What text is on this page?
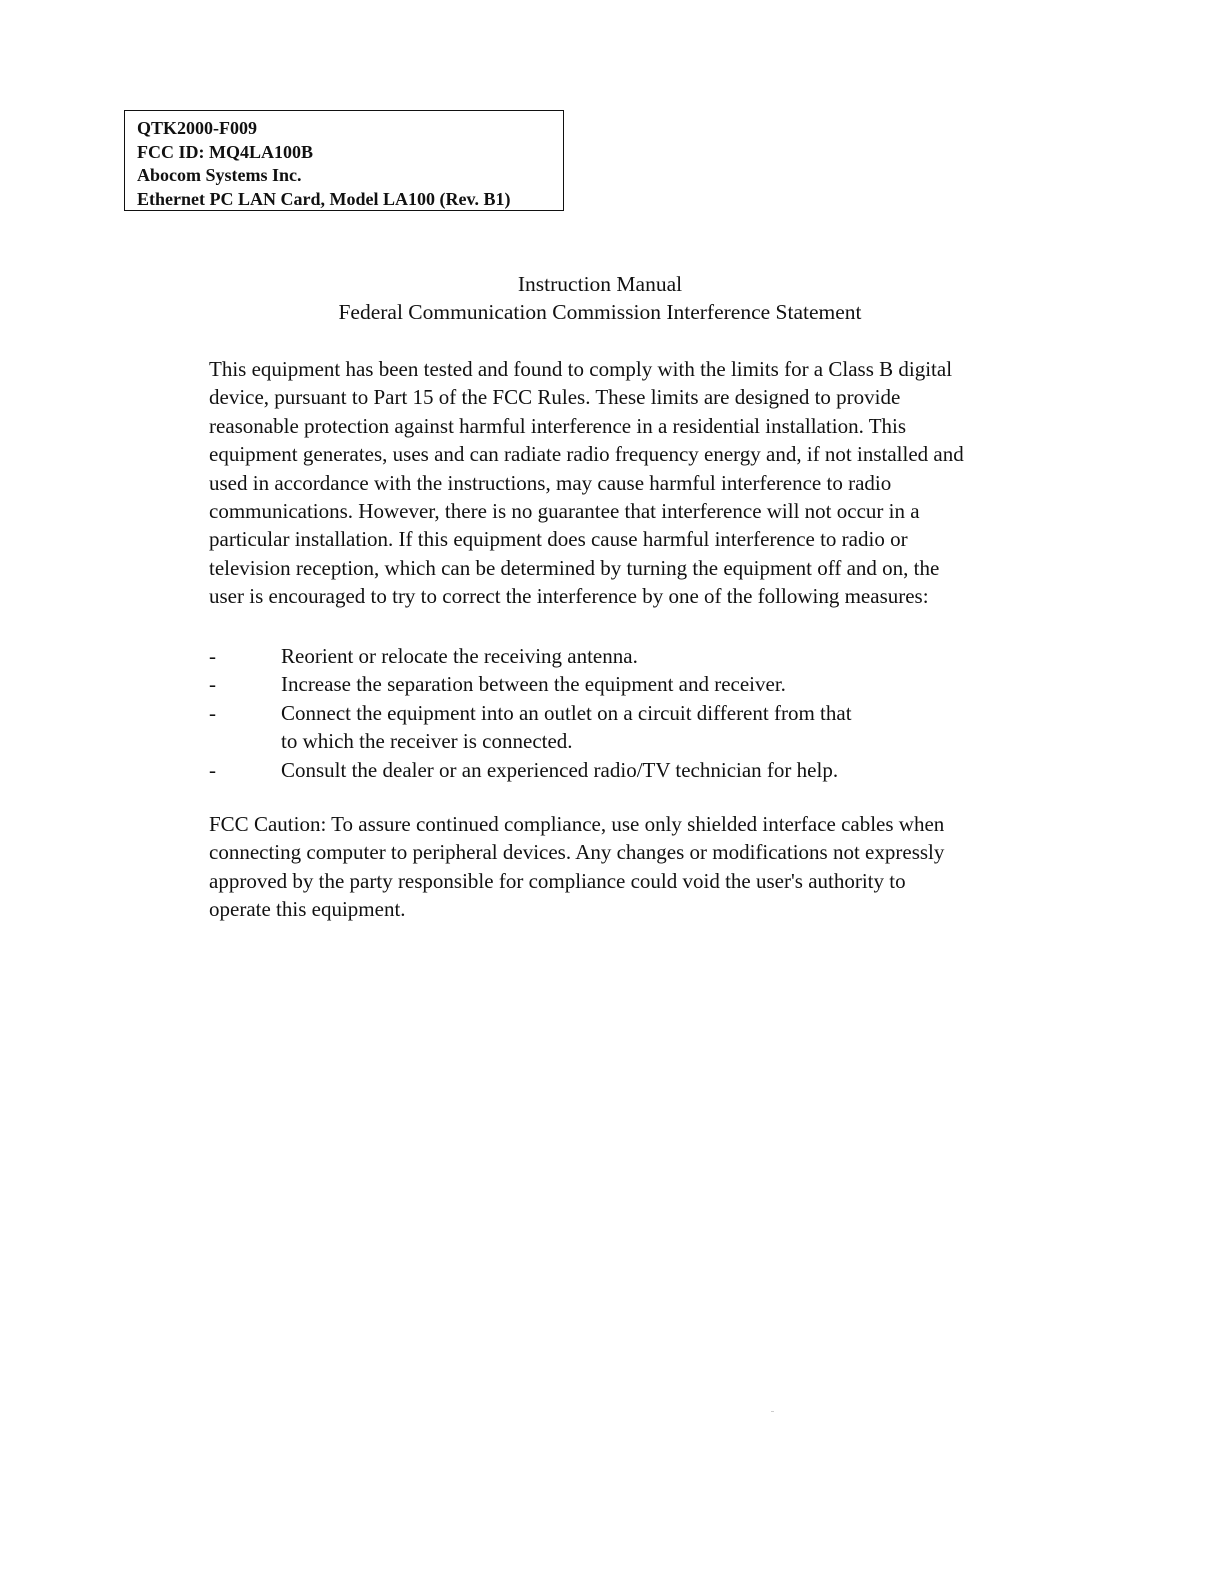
QTK2000-F009
FCC ID: MQ4LA100B
Abocom Systems Inc.
Ethernet PC LAN Card, Model LA100 (Rev. B1)
Instruction Manual
Federal Communication Commission Interference Statement
This equipment has been tested and found to comply with the limits for a Class B digital
device, pursuant to Part 15 of the FCC Rules. These limits are designed to provide
reasonable protection against harmful interference in a residential installation. This
equipment generates, uses and can radiate radio frequency energy and, if not installed and
used in accordance with the instructions, may cause harmful interference to radio
communications. However, there is no guarantee that interference will not occur in a
particular installation. If this equipment does cause harmful interference to radio or
television reception, which can be determined by turning the equipment off and on, the
user is encouraged to try to correct the interference by one of the following measures:
-	Reorient or relocate the receiving antenna.
-	Increase the separation between the equipment and receiver.
-	Connect the equipment into an outlet on a circuit different from that
to which the receiver is connected.
-	Consult the dealer or an experienced radio/TV technician for help.
FCC Caution: To assure continued compliance, use only shielded interface cables when
connecting computer to peripheral devices. Any changes or modifications not expressly
approved by the party responsible for compliance could void the user's authority to
operate this equipment.
